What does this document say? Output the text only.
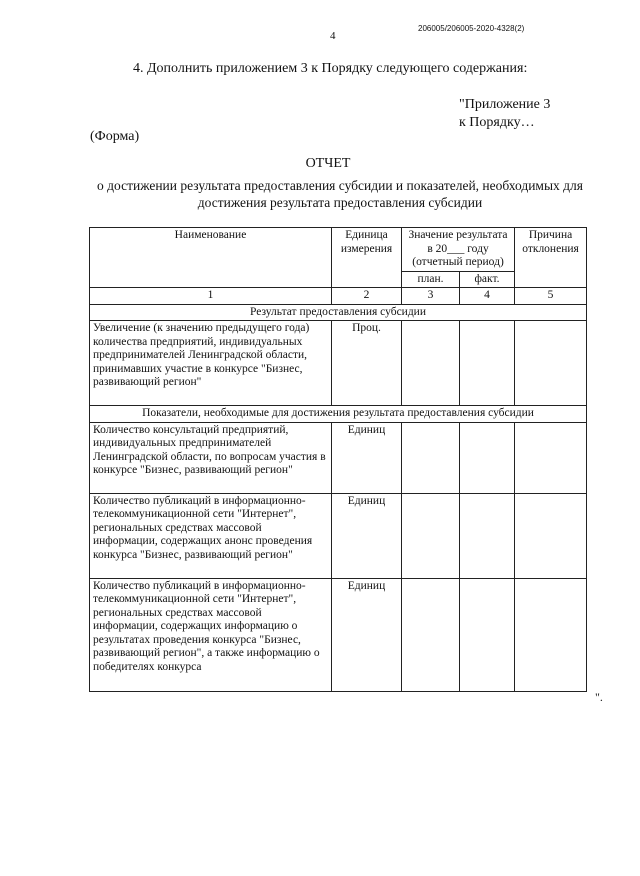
206005/206005-2020-4328(2)
4
4. Дополнить приложением 3 к Порядку следующего содержания:
"Приложение 3
к Порядку…
(Форма)
ОТЧЕТ
о достижении результата предоставления субсидии и показателей, необходимых для достижения результата предоставления субсидии
Наименование	Единица измерения	Значение результата в 20___ году (отчетный период)		Причина отклонения
		план.	факт.	
1	2	3	4	5
Результат предоставления субсидии				
Увеличение (к значению предыдущего года) количества предприятий, индивидуальных предпринимателей Ленинградской области, принимавших участие в конкурсе "Бизнес, развивающий регион"	Проц.			
Показатели, необходимые для достижения результата предоставления субсидии				
Количество консультаций предприятий, индивидуальных предпринимателей Ленинградской области, по вопросам участия в конкурсе "Бизнес, развивающий регион"	Единиц			
Количество публикаций в информационно-телекоммуникационной сети "Интернет", региональных средствах массовой информации, содержащих анонс проведения конкурса "Бизнес, развивающий регион"	Единиц			
Количество публикаций в информационно-телекоммуникационной сети "Интернет", региональных средствах массовой информации, содержащих информацию о результатах проведения конкурса "Бизнес, развивающий регион", а также информацию о победителях конкурса	Единиц			
".
